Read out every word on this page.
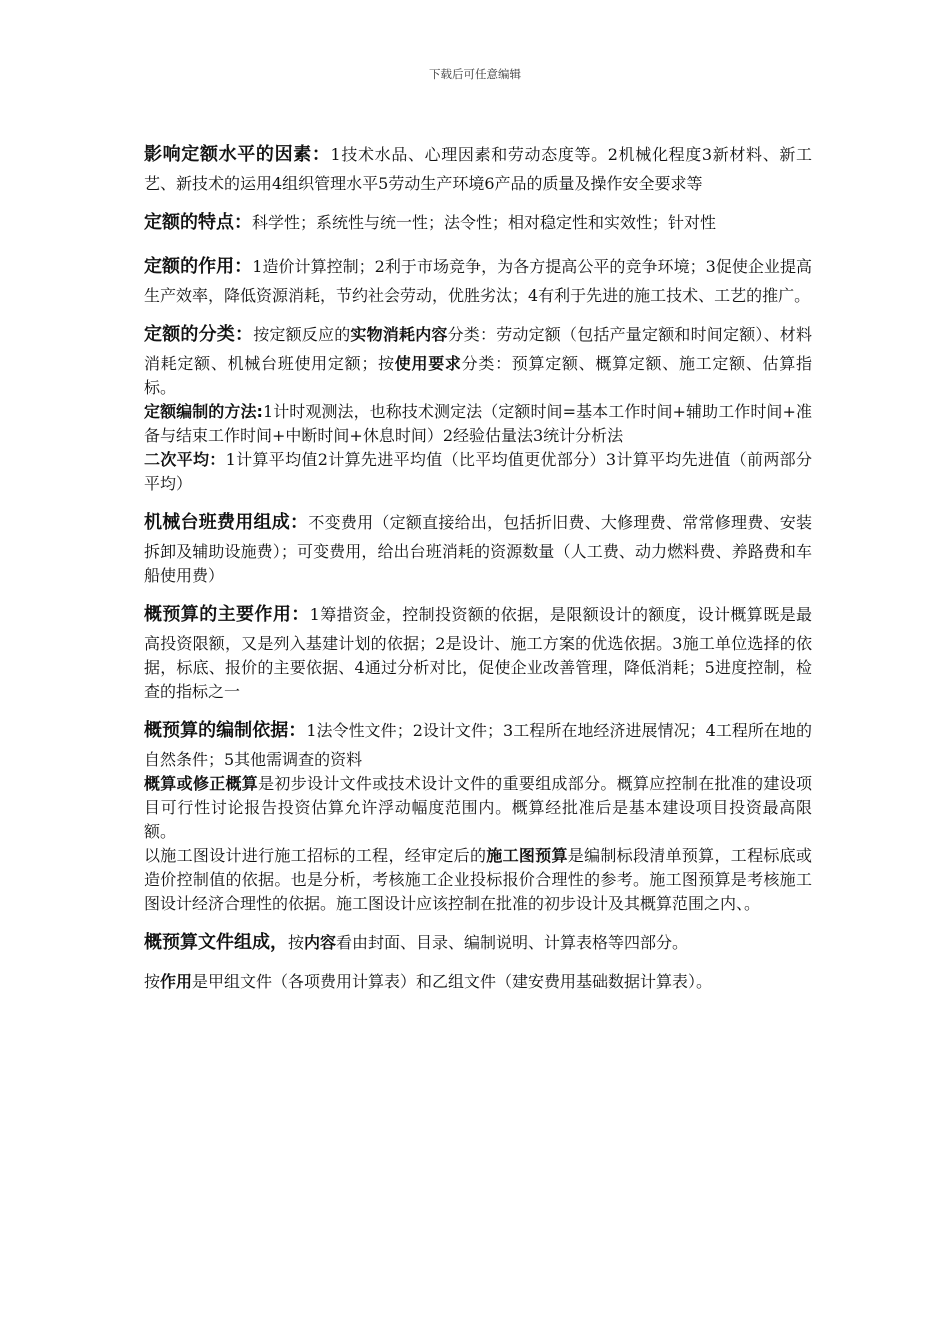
下载后可任意编辑

影响定额水平的因素：1技术水品、心理因素和劳动态度等。2机械化程度3新材料、新工艺、新技术的运用4组织管理水平5劳动生产环境6产品的质量及操作安全要求等

定额的特点：科学性；系统性与统一性；法令性；相对稳定性和实效性；针对性

定额的作用：1造价计算控制；2利于市场竞争，为各方提高公平的竞争环境；3促使企业提高生产效率，降低资源消耗，节约社会劳动，优胜劣汰；4有利于先进的施工技术、工艺的推广。

定额的分类：按定额反应的实物消耗内容分类：劳动定额（包括产量定额和时间定额）、材料消耗定额、机械台班使用定额；按使用要求分类：预算定额、概算定额、施工定额、估算指标。

定额编制的方法:1计时观测法，也称技术测定法（定额时间=基本工作时间+辅助工作时间+准备与结束工作时间+中断时间+休息时间）2经验估量法3统计分析法

二次平均：1计算平均值2计算先进平均值（比平均值更优部分）3计算平均先进值（前两部分平均）

机械台班费用组成：不变费用（定额直接给出，包括折旧费、大修理费、常常修理费、安装拆卸及辅助设施费）；可变费用，给出台班消耗的资源数量（人工费、动力燃料费、养路费和车船使用费）

概预算的主要作用：1筹措资金，控制投资额的依据，是限额设计的额度，设计概算既是最高投资限额，又是列入基建计划的依据；2是设计、施工方案的优选依据。3施工单位选择的依据，标底、报价的主要依据、4通过分析对比，促使企业改善管理，降低消耗；5进度控制，检查的指标之一

概预算的编制依据：1法令性文件；2设计文件；3工程所在地经济进展情况；4工程所在地的自然条件；5其他需调查的资料

概算或修正概算是初步设计文件或技术设计文件的重要组成部分。概算应控制在批准的建设项目可行性讨论报告投资估算允许浮动幅度范围内。概算经批准后是基本建设项目投资最高限额。

以施工图设计进行施工招标的工程，经审定后的施工图预算是编制标段清单预算，工程标底或造价控制值的依据。也是分析，考核施工企业投标报价合理性的参考。施工图预算是考核施工图设计经济合理性的依据。施工图设计应该控制在批准的初步设计及其概算范围之内、。

概预算文件组成，按内容看由封面、目录、编制说明、计算表格等四部分。

按作用是甲组文件（各项费用计算表）和乙组文件（建安费用基础数据计算表）。
